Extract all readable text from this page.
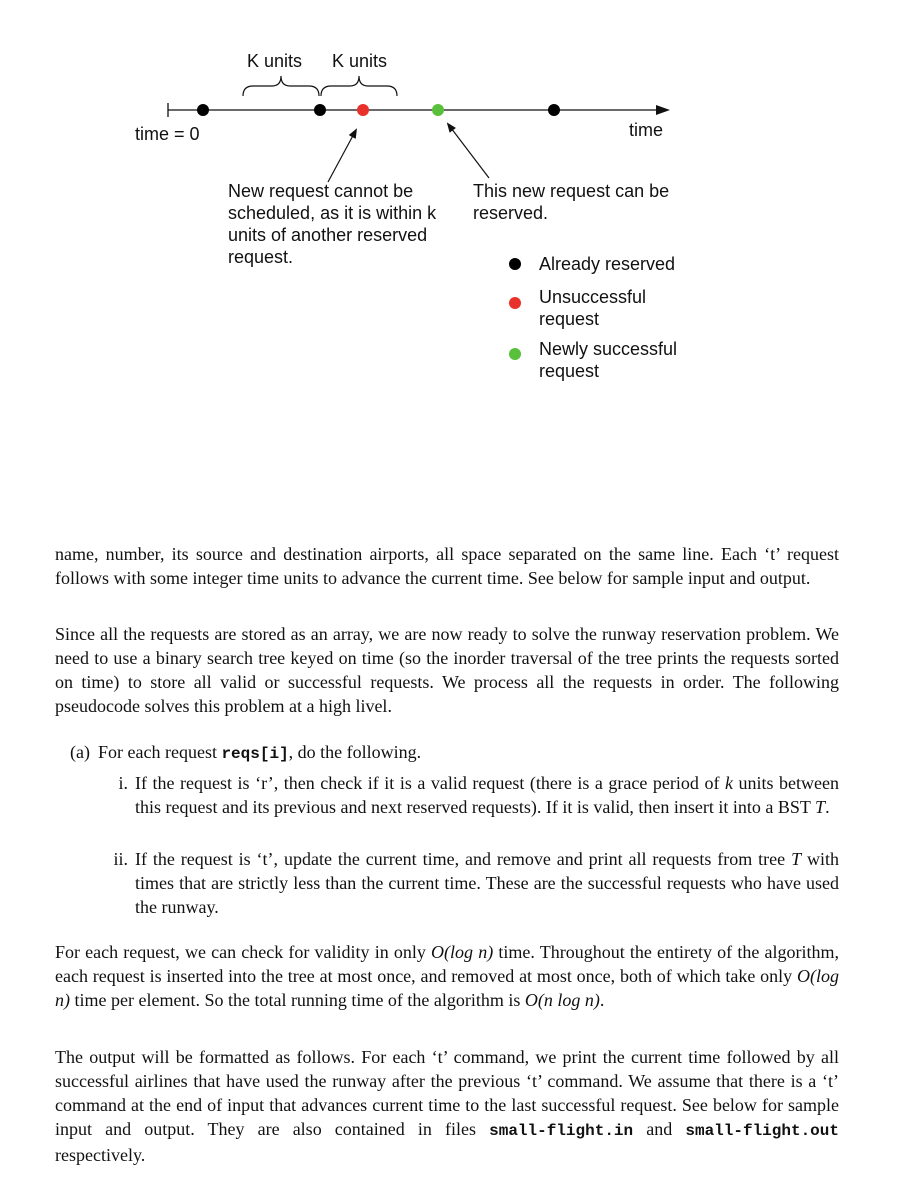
K units K units
time = 0	time
New request cannot be scheduled, as it is within k units of another reserved request.
This new request can be reserved.
Already reserved
Unsuccessful request
Newly successful request

name, number, its source and destination airports, all space separated on the same line. Each ‘t’ request follows with some integer time units to advance the current time. See below for sample input and output.

Since all the requests are stored as an array, we are now ready to solve the runway reservation problem. We need to use a binary search tree keyed on time (so the inorder traversal of the tree prints the requests sorted on time) to store all valid or successful requests. We process all the requests in order. The following pseudocode solves this problem at a high livel.

(a) For each request reqs[i], do the following.
i. If the request is ‘r’, then check if it is a valid request (there is a grace period of k units between this request and its previous and next reserved requests). If it is valid, then insert it into a BST T.
ii. If the request is ‘t’, update the current time, and remove and print all requests from tree T with times that are strictly less than the current time. These are the successful requests who have used the runway.

For each request, we can check for validity in only O(log n) time. Throughout the entirety of the algorithm, each request is inserted into the tree at most once, and removed at most once, both of which take only O(log n) time per element. So the total running time of the algorithm is O(n log n).

The output will be formatted as follows. For each ‘t’ command, we print the current time followed by all successful airlines that have used the runway after the previous ‘t’ command. We assume that there is a ‘t’ command at the end of input that advances current time to the last successful request. See below for sample input and output. They are also contained in files small-flight.in and small-flight.out respectively.
